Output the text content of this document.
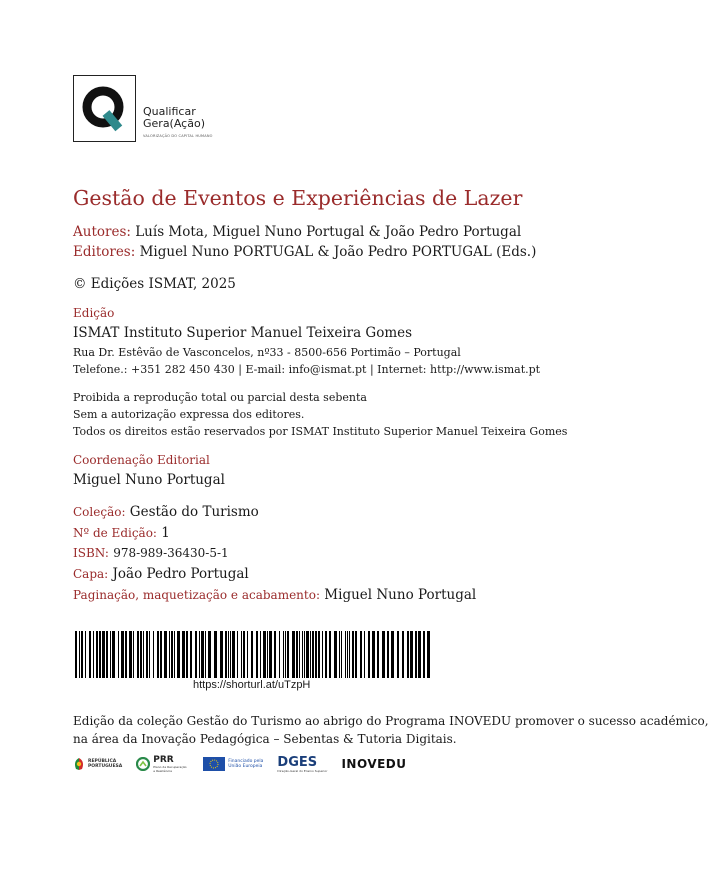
Qualificar
Gera(Ação)
VALORIZAÇÃO DO CAPITAL HUMANO
Gestão de Eventos e Experiências de Lazer
Autores: Luís Mota, Miguel Nuno Portugal & João Pedro Portugal
Editores: Miguel Nuno PORTUGAL & João Pedro PORTUGAL (Eds.)
© Edições ISMAT, 2025
Edição
ISMAT Instituto Superior Manuel Teixeira Gomes
Rua Dr. Estêvão de Vasconcelos, nº33 - 8500-656 Portimão – Portugal
Telefone.: +351 282 450 430 | E-mail: info@ismat.pt | Internet: http://www.ismat.pt
Proibida a reprodução total ou parcial desta sebenta
Sem a autorização expressa dos editores.
Todos os direitos estão reservados por ISMAT Instituto Superior Manuel Teixeira Gomes
Coordenação Editorial
Miguel Nuno Portugal
Coleção: Gestão do Turismo
Nº de Edição: 1
ISBN: 978-989-36430-5-1
Capa: João Pedro Portugal
Paginação, maquetização e acabamento: Miguel Nuno Portugal
https://shorturl.at/uTzpH
Edição da coleção Gestão do Turismo ao abrigo do Programa INOVEDU promover o sucesso académico,
na área da Inovação Pedagógica – Sebentas & Tutoria Digitais.
REPÚBLICA
PORTUGUESA
PRR
Plano de Recuperação e Resiliência
Financiado pela
União Europeia DGES
Direção-Geral do Ensino Superior INOVEDU
